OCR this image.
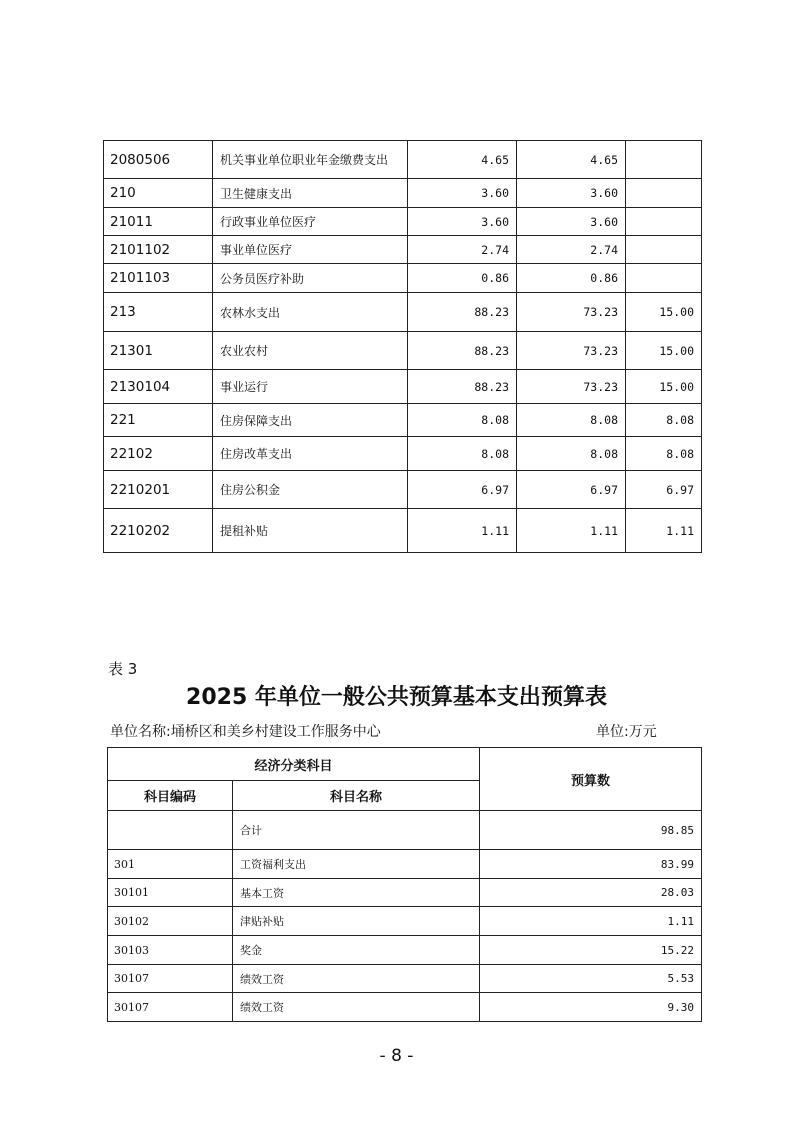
2080506	机关事业单位职业年金缴费支出	4.65	4.65	
210	卫生健康支出	3.60	3.60	
21011	行政事业单位医疗	3.60	3.60	
2101102	事业单位医疗	2.74	2.74	
2101103	公务员医疗补助	0.86	0.86	
213	农林水支出	88.23	73.23	15.00
21301	农业农村	88.23	73.23	15.00
2130104	事业运行	88.23	73.23	15.00
221	住房保障支出	8.08	8.08	8.08
22102	住房改革支出	8.08	8.08	8.08
2210201	住房公积金	6.97	6.97	6.97
2210202	提租补贴	1.11	1.11	1.11
表 3
2025 年单位一般公共预算基本支出预算表
单位名称:埇桥区和美乡村建设工作服务中心	单位:万元
经济分类科目		预算数
科目编码	科目名称	
	合计	98.85
301	工资福利支出	83.99
30101	基本工资	28.03
30102	津贴补贴	1.11
30103	奖金	15.22
30107	绩效工资	5.53
30107	绩效工资	9.30
- 8 -
